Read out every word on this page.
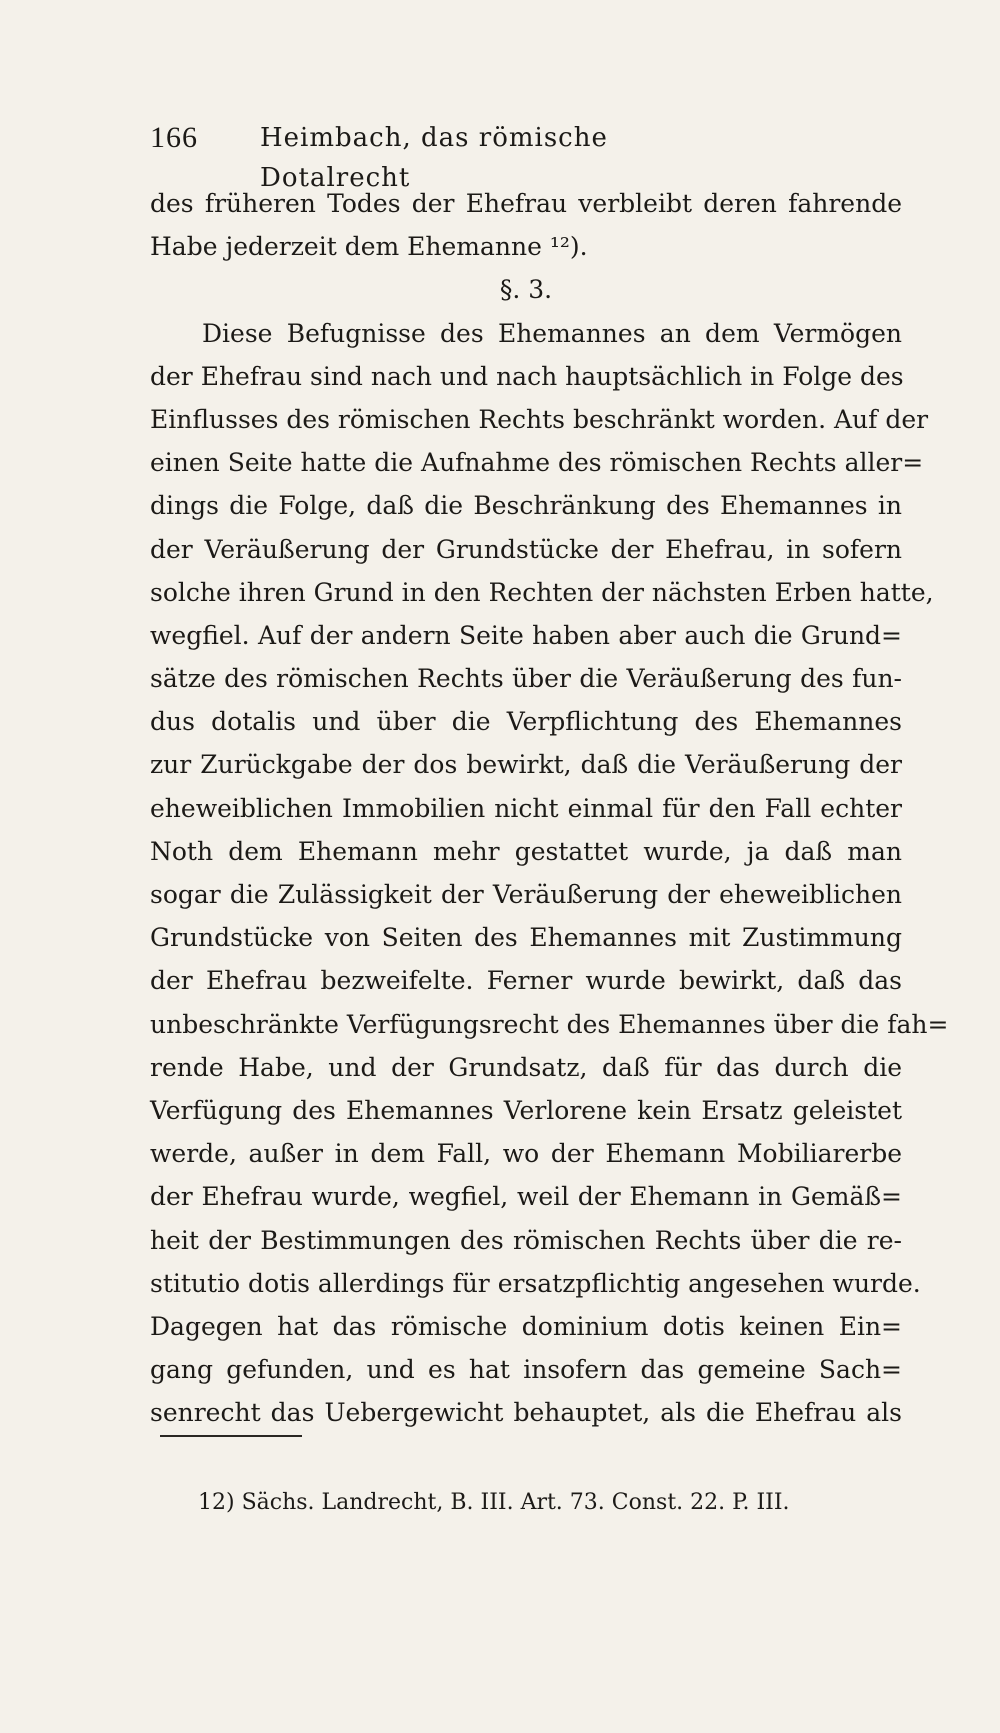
166 Heimbach, das römische Dotalrecht
des früheren Todes der Ehefrau verbleibt deren fahrende
Habe jederzeit dem Ehemanne ¹²).
§. 3.
Diese Befugnisse des Ehemannes an dem Vermögen
der Ehefrau sind nach und nach hauptsächlich in Folge des
Einflusses des römischen Rechts beschränkt worden. Auf der
einen Seite hatte die Aufnahme des römischen Rechts aller=
dings die Folge, daß die Beschränkung des Ehemannes in
der Veräußerung der Grundstücke der Ehefrau, in sofern
solche ihren Grund in den Rechten der nächsten Erben hatte,
wegfiel. Auf der andern Seite haben aber auch die Grund=
sätze des römischen Rechts über die Veräußerung des fun-
dus dotalis und über die Verpflichtung des Ehemannes
zur Zurückgabe der dos bewirkt, daß die Veräußerung der
eheweiblichen Immobilien nicht einmal für den Fall echter
Noth dem Ehemann mehr gestattet wurde, ja daß man
sogar die Zulässigkeit der Veräußerung der eheweiblichen
Grundstücke von Seiten des Ehemannes mit Zustimmung
der Ehefrau bezweifelte. Ferner wurde bewirkt, daß das
unbeschränkte Verfügungsrecht des Ehemannes über die fah=
rende Habe, und der Grundsatz, daß für das durch die
Verfügung des Ehemannes Verlorene kein Ersatz geleistet
werde, außer in dem Fall, wo der Ehemann Mobiliarerbe
der Ehefrau wurde, wegfiel, weil der Ehemann in Gemäß=
heit der Bestimmungen des römischen Rechts über die re-
stitutio dotis allerdings für ersatzpflichtig angesehen wurde.
Dagegen hat das römische dominium dotis keinen Ein=
gang gefunden, und es hat insofern das gemeine Sach=
senrecht das Uebergewicht behauptet, als die Ehefrau als
12) Sächs. Landrecht, B. III. Art. 73. Const. 22. P. III.
